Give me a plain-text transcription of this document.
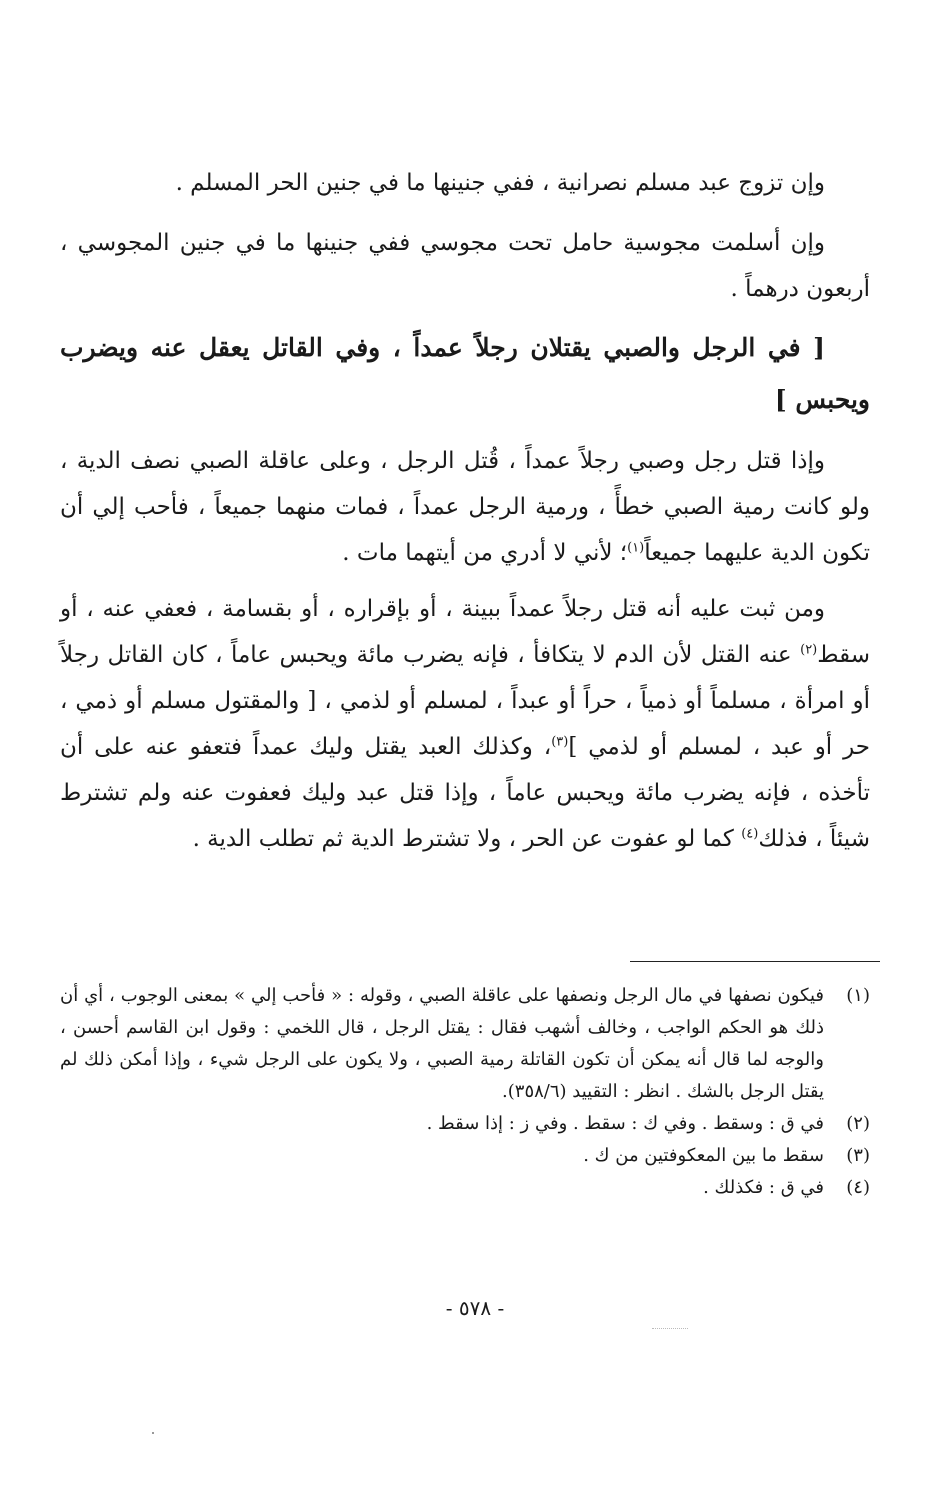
وإن تزوج عبد مسلم نصرانية ، ففي جنينها ما في جنين الحر المسلم .

وإن أسلمت مجوسية حامل تحت مجوسي ففي جنينها ما في جنين المجوسي ، أربعون درهماً .

[ في الرجل والصبي يقتلان رجلاً عمداً ، وفي القاتل يعقل عنه ويضرب ويحبس ]

وإذا قتل رجل وصبي رجلاً عمداً ، قُتل الرجل ، وعلى عاقلة الصبي نصف الدية ، ولو كانت رمية الصبي خطأً ، ورمية الرجل عمداً ، فمات منهما جميعاً ، فأحب إلي أن تكون الدية عليهما جميعاً$^{(١)}$؛ لأني لا أدري من أيتهما مات .

ومن ثبت عليه أنه قتل رجلاً عمداً ببينة ، أو بإقراره ، أو بقسامة ، فعفي عنه ، أو سقط$^{(٢)}$ عنه القتل لأن الدم لا يتكافأ ، فإنه يضرب مائة ويحبس عاماً ، كان القاتل رجلاً أو امرأة ، مسلماً أو ذمياً ، حراً أو عبداً ، لمسلم أو لذمي ، [ والمقتول مسلم أو ذمي ، حر أو عبد ، لمسلم أو لذمي ]$^{(٣)}$، وكذلك العبد يقتل وليك عمداً فتعفو عنه على أن تأخذه ، فإنه يضرب مائة ويحبس عاماً ، وإذا قتل عبد وليك فعفوت عنه ولم تشترط شيئاً ، فذلك$^{(٤)}$ كما لو عفوت عن الحر ، ولا تشترط الدية ثم تطلب الدية .

(١)
فيكون نصفها في مال الرجل ونصفها على عاقلة الصبي ، وقوله : « فأحب إلي » بمعنى الوجوب ، أي أن ذلك هو الحكم الواجب ، وخالف أشهب فقال : يقتل الرجل ، قال اللخمي : وقول ابن القاسم أحسن ، والوجه لما قال أنه يمكن أن تكون القاتلة رمية الصبي ، ولا يكون على الرجل شيء ، وإذا أمكن ذلك لم يقتل الرجل بالشك . انظر : التقييد (٣٥٨/٦).

(٢)
في ق : وسقط . وفي ك : سقط . وفي ز : إذا سقط .

(٣)
سقط ما بين المعكوفتين من ك .

(٤)
في ق : فكذلك .

- ٥٧٨ -
